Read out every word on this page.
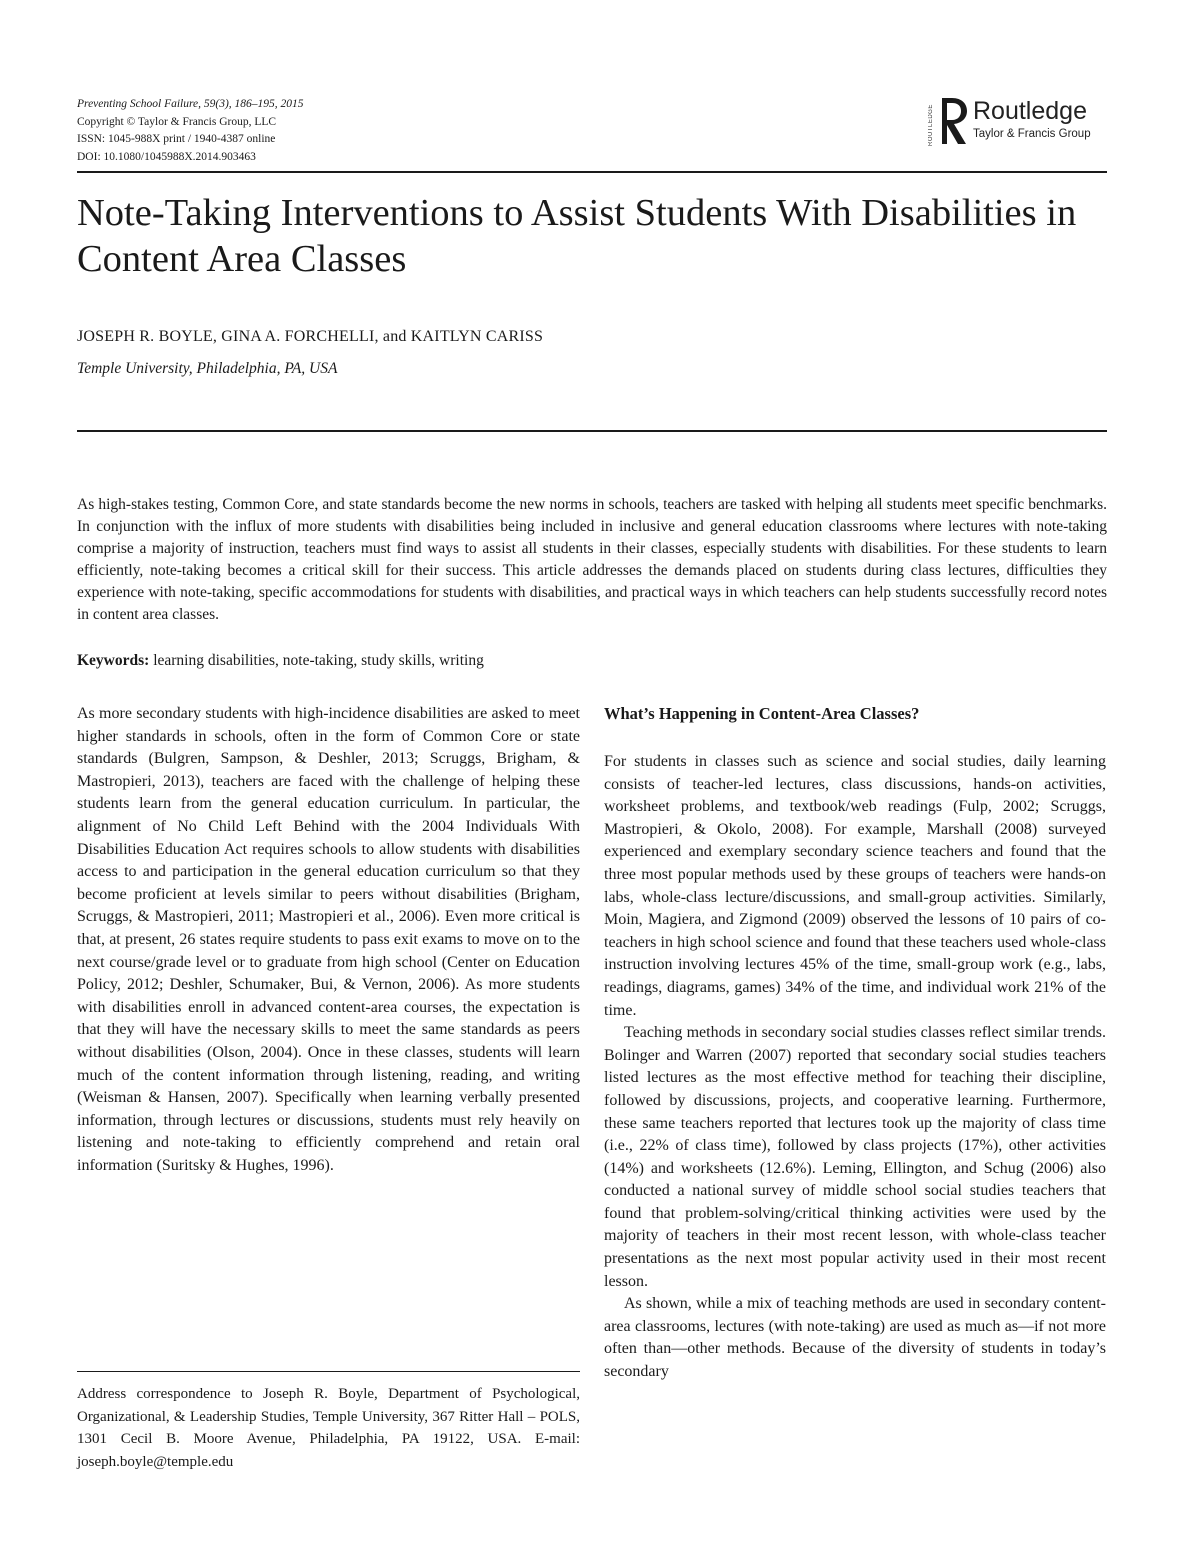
Preventing School Failure, 59(3), 186–195, 2015
Copyright © Taylor & Francis Group, LLC
ISSN: 1045-988X print / 1940-4387 online
DOI: 10.1080/1045988X.2014.903463
ROUTLEDGE Routledge
Taylor & Francis Group
Note-Taking Interventions to Assist Students With Disabilities in Content Area Classes
JOSEPH R. BOYLE, GINA A. FORCHELLI, and KAITLYN CARISS
Temple University, Philadelphia, PA, USA

As high-stakes testing, Common Core, and state standards become the new norms in schools, teachers are tasked with helping all students meet specific benchmarks. In conjunction with the influx of more students with disabilities being included in inclusive and general education classrooms where lectures with note-taking comprise a majority of instruction, teachers must find ways to assist all students in their classes, especially students with disabilities. For these students to learn efficiently, note-taking becomes a critical skill for their success. This article addresses the demands placed on students during class lectures, difficulties they experience with note-taking, specific accommodations for students with disabilities, and practical ways in which teachers can help students successfully record notes in content area classes.

Keywords: learning disabilities, note-taking, study skills, writing

As more secondary students with high-incidence disabilities are asked to meet higher standards in schools, often in the form of Common Core or state standards (Bulgren, Sampson, & Deshler, 2013; Scruggs, Brigham, & Mastropieri, 2013), teachers are faced with the challenge of helping these students learn from the general education curriculum. In particular, the alignment of No Child Left Behind with the 2004 Individuals With Disabilities Education Act requires schools to allow students with disabilities access to and participation in the general education curriculum so that they become proficient at levels similar to peers without disabilities (Brigham, Scruggs, & Mastropieri, 2011; Mastropieri et al., 2006). Even more critical is that, at present, 26 states require students to pass exit exams to move on to the next course/grade level or to graduate from high school (Center on Education Policy, 2012; Deshler, Schumaker, Bui, & Vernon, 2006). As more students with disabilities enroll in advanced content-area courses, the expectation is that they will have the necessary skills to meet the same standards as peers without disabilities (Olson, 2004). Once in these classes, students will learn much of the content information through listening, reading, and writing (Weisman & Hansen, 2007). Specifically when learning verbally presented information, through lectures or discussions, students must rely heavily on listening and note-taking to efficiently comprehend and retain oral information (Suritsky & Hughes, 1996).

What’s Happening in Content-Area Classes?

For students in classes such as science and social studies, daily learning consists of teacher-led lectures, class discussions, hands-on activities, worksheet problems, and textbook/web readings (Fulp, 2002; Scruggs, Mastropieri, & Okolo, 2008). For example, Marshall (2008) surveyed experienced and exemplary secondary science teachers and found that the three most popular methods used by these groups of teachers were hands-on labs, whole-class lecture/discussions, and small-group activities. Similarly, Moin, Magiera, and Zigmond (2009) observed the lessons of 10 pairs of co-teachers in high school science and found that these teachers used whole-class instruction involving lectures 45% of the time, small-group work (e.g., labs, readings, diagrams, games) 34% of the time, and individual work 21% of the time.

Teaching methods in secondary social studies classes reflect similar trends. Bolinger and Warren (2007) reported that secondary social studies teachers listed lectures as the most effective method for teaching their discipline, followed by discussions, projects, and cooperative learning. Furthermore, these same teachers reported that lectures took up the majority of class time (i.e., 22% of class time), followed by class projects (17%), other activities (14%) and worksheets (12.6%). Leming, Ellington, and Schug (2006) also conducted a national survey of middle school social studies teachers that found that problem-solving/critical thinking activities were used by the majority of teachers in their most recent lesson, with whole-class teacher presentations as the next most popular activity used in their most recent lesson.

As shown, while a mix of teaching methods are used in secondary content-area classrooms, lectures (with note-taking) are used as much as—if not more often than—other methods. Because of the diversity of students in today’s secondary

Address correspondence to Joseph R. Boyle, Department of Psychological, Organizational, & Leadership Studies, Temple University, 367 Ritter Hall – POLS, 1301 Cecil B. Moore Avenue, Philadelphia, PA 19122, USA. E-mail: joseph.boyle@temple.edu
